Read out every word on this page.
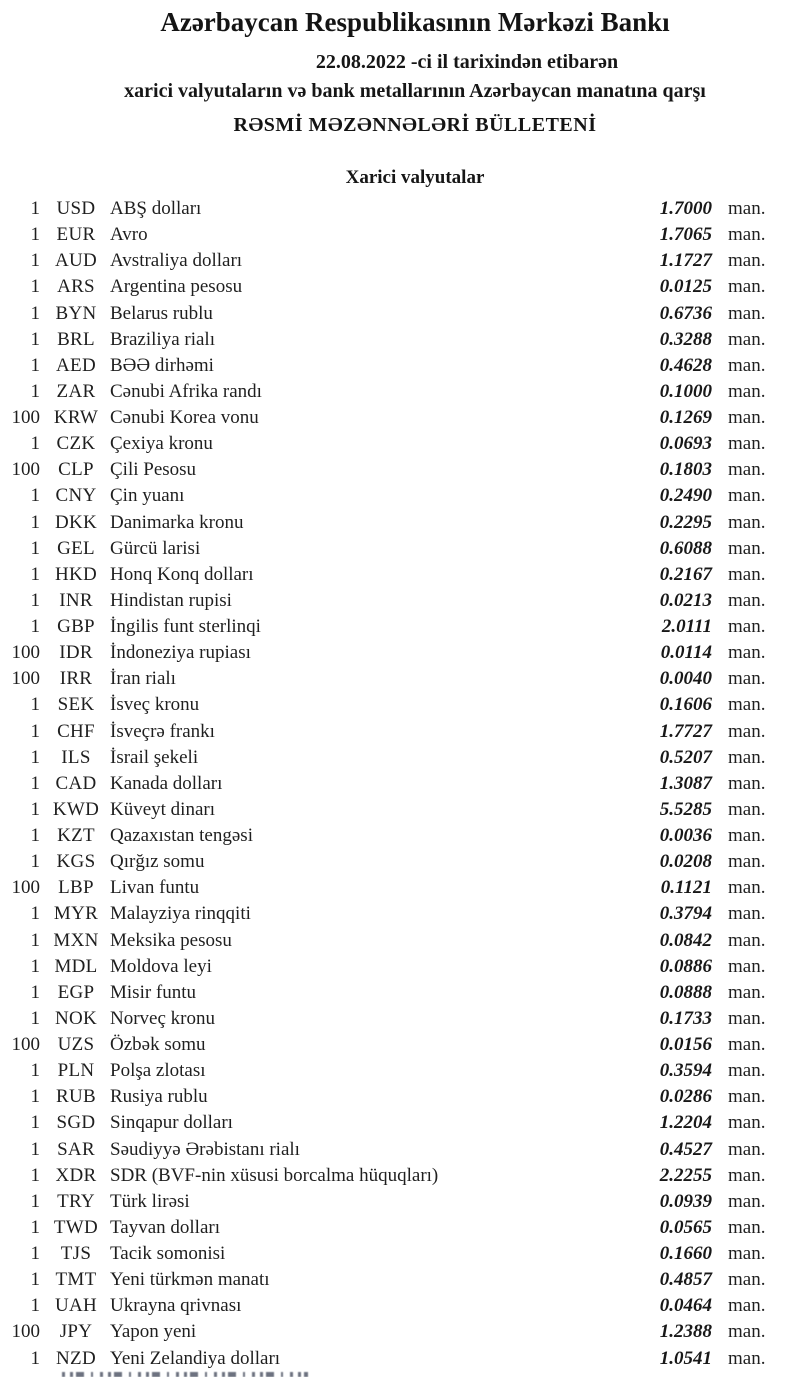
Azərbaycan Respublikasının Mərkəzi Bankı
22.08.2022 -ci il tarixindən etibarən
xarici valyutaların və bank metallarının Azərbaycan manatına qarşı
RƏSMİ MƏZƏNNƏLƏRİ BÜLLETENİ
Xarici valyutalar
1 USD ABŞ dolları	1.7000 man.
1 EUR Avro	1.7065 man.
1 AUD Avstraliya dolları	1.1727 man.
1 ARS Argentina pesosu	0.0125 man.
1 BYN Belarus rublu	0.6736 man.
1 BRL Braziliya rialı	0.3288 man.
1 AED BƏƏ dirhəmi	0.4628 man.
1 ZAR Cənubi Afrika randı	0.1000 man.
100 KRW Cənubi Korea vonu	0.1269 man.
1 CZK Çexiya kronu	0.0693 man.
100 CLP Çili Pesosu	0.1803 man.
1 CNY Çin yuanı	0.2490 man.
1 DKK Danimarka kronu	0.2295 man.
1 GEL Gürcü larisi	0.6088 man.
1 HKD Honq Konq dolları	0.2167 man.
1	INR Hindistan rupisi	0.0213 man.
1 GBP İngilis funt sterlinqi	2.0111 man.
100	IDR İndoneziya rupiası	0.0114 man.
100	IRR İran rialı	0.0040 man.
1 SEK İsveç kronu	0.1606 man.
1 CHF İsveçrə frankı	1.7727 man.
1	ILS	İsrail şekeli	0.5207 man.
1 CAD Kanada dolları	1.3087 man.
1 KWD Küveyt dinarı	5.5285 man.
1 KZT Qazaxıstan tengəsi	0.0036 man.
1 KGS Qırğız somu	0.0208 man.
100 LBP Livan funtu	0.1121 man.
1 MYR Malayziya rinqqiti	0.3794 man.
1 MXN Meksika pesosu	0.0842 man.
1 MDL Moldova leyi	0.0886 man.
1 EGP Misir funtu	0.0888 man.
1 NOK Norveç kronu	0.1733 man.
100 UZS Özbək somu	0.0156 man.
1 PLN Polşa zlotası	0.3594 man.
1 RUB Rusiya rublu	0.0286 man.
1 SGD Sinqapur dolları	1.2204 man.
1 SAR Səudiyyə Ərəbistanı rialı	0.4527 man.
1 XDR SDR (BVF-nin xüsusi borcalma hüquqları)	2.2255 man.
1 TRY Türk lirəsi	0.0939 man.
1 TWD Tayvan dolları	0.0565 man.
1	TJS Tacik somonisi	0.1660 man.
1 TMT Yeni türkmən manatı	0.4857 man.
1 UAH Ukrayna qrivnası	0.0464 man.
100	JPY Yapon yeni	1.2388 man.
1 NZD Yeni Zelandiya dolları	1.0541 man.
